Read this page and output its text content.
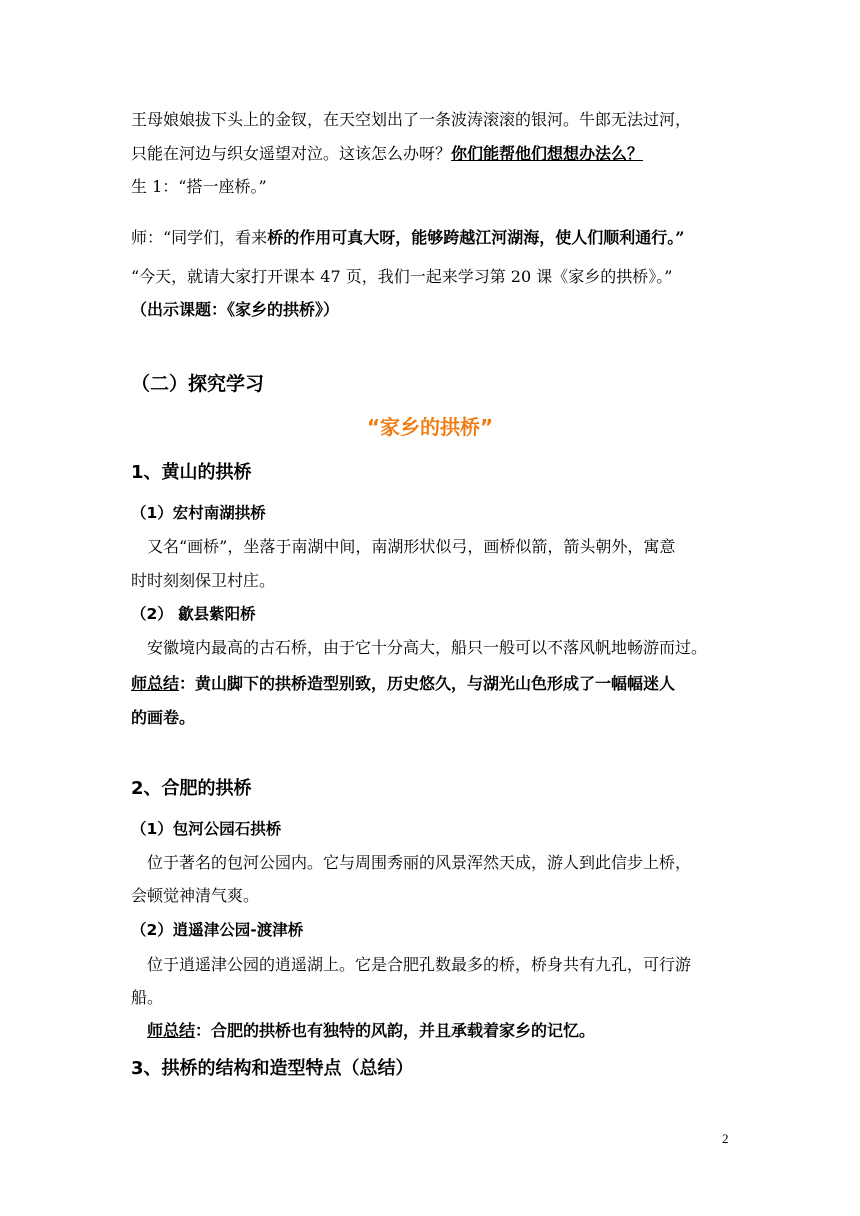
王母娘娘拔下头上的金钗，在天空划出了一条波涛滚滚的银河。牛郎无法过河，
只能在河边与织女遥望对泣。这该怎么办呀？你们能帮他们想想办法么？
生 1：“搭一座桥。”
师：“同学们，看来桥的作用可真大呀，能够跨越江河湖海，使人们顺利通行。”
“今天，就请大家打开课本 47 页，我们一起来学习第 20 课《家乡的拱桥》。”
（出示课题：《家乡的拱桥》）
（二）探究学习
“家乡的拱桥”
1、黄山的拱桥
（1）宏村南湖拱桥
又名“画桥”，坐落于南湖中间，南湖形状似弓，画桥似箭，箭头朝外，寓意
时时刻刻保卫村庄。
（2） 歙县紫阳桥
安徽境内最高的古石桥，由于它十分高大，船只一般可以不落风帆地畅游而过。
师总结：黄山脚下的拱桥造型别致，历史悠久，与湖光山色形成了一幅幅迷人
的画卷。
2、合肥的拱桥
（1）包河公园石拱桥
位于著名的包河公园内。它与周围秀丽的风景浑然天成，游人到此信步上桥，
会顿觉神清气爽。
（2）逍遥津公园-渡津桥
位于逍遥津公园的逍遥湖上。它是合肥孔数最多的桥，桥身共有九孔，可行游
船。
师总结：合肥的拱桥也有独特的风韵，并且承载着家乡的记忆。
3、拱桥的结构和造型特点（总结）
2
